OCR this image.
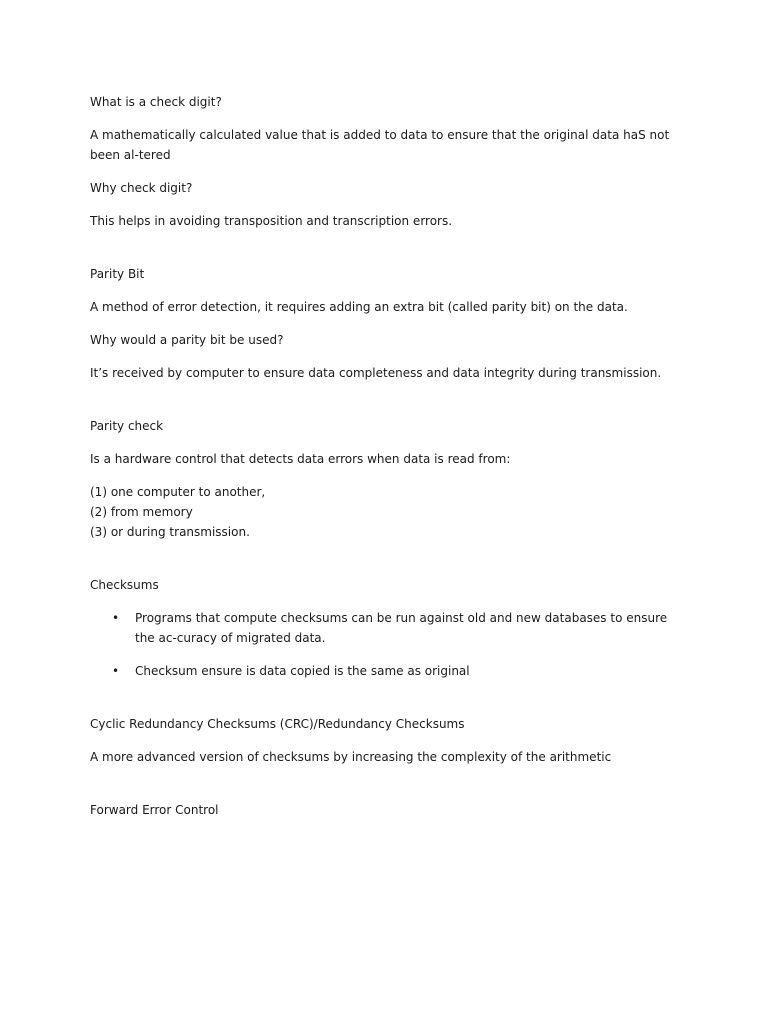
What is a check digit?

A mathematically calculated value that is added to data to ensure that the original data haS not been al-tered

Why check digit?

This helps in avoiding transposition and transcription errors.

Parity Bit

A method of error detection, it requires adding an extra bit (called parity bit) on the data.

Why would a parity bit be used?

It’s received by computer to ensure data completeness and data integrity during transmission.

Parity check

Is a hardware control that detects data errors when data is read from:

(1) one computer to another,
(2) from memory
(3) or during transmission.

Checksums

• Programs that compute checksums can be run against old and new databases to ensure the ac-curacy of migrated data.
• Checksum ensure is data copied is the same as original

Cyclic Redundancy Checksums (CRC)/Redundancy Checksums

A more advanced version of checksums by increasing the complexity of the arithmetic

Forward Error Control
